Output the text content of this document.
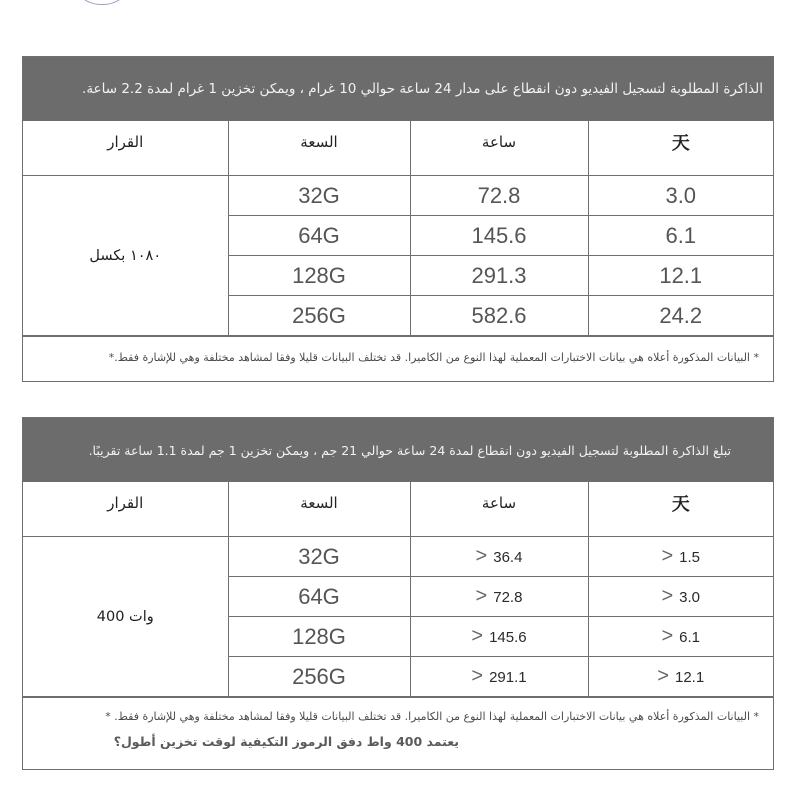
الذاكرة المطلوبة لتسجيل الفيديو دون انقطاع على مدار 24 ساعة حوالي 10 غرام ، ويمكن تخزين 1 غرام لمدة 2.2 ساعة.
القرار	السعة	ساعة	天
١٠٨٠ بكسل	32G	72.8	3.0
	64G	145.6	6.1
	128G	291.3	12.1
	256G	582.6	24.2
* البيانات المذكورة أعلاه هي بيانات الاختبارات المعملية لهذا النوع من الكاميرا. قد تختلف البيانات قليلا وفقا لمشاهد مختلفة وهي للإشارة فقط.*
تبلغ الذاكرة المطلوبة لتسجيل الفيديو دون انقطاع لمدة 24 ساعة حوالي 21 جم ، ويمكن تخزين 1 جم لمدة 1.1 ساعة تقريبًا.
القرار	السعة	ساعة	天
400 وات	32G	> 36.4	> 1.5
	64G	> 72.8	> 3.0
	128G	> 145.6	> 6.1
	256G	> 291.1	> 12.1
* البيانات المذكورة أعلاه هي بيانات الاختبارات المعملية لهذا النوع من الكاميرا. قد تختلف البيانات قليلا وفقا لمشاهد مختلفة وهي للإشارة فقط. *
يعتمد 400 واط دفق الرموز التكيفية لوقت تخزين أطول؟
